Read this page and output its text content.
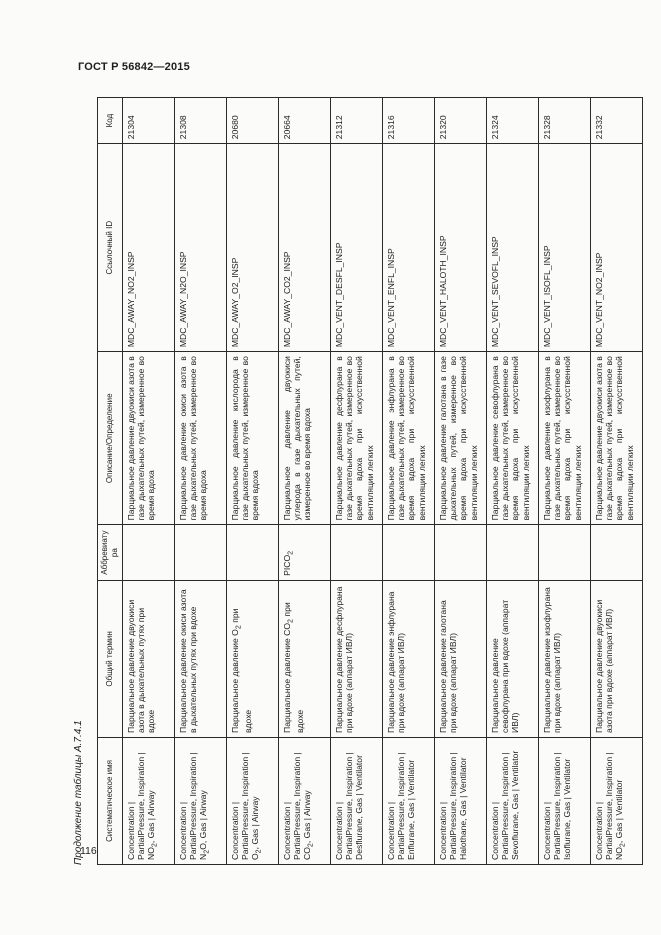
ГОСТ Р 56842—2015
Продолжение таблицы А.7.4.1	Систематическое имя	Общий термин	Аббревиатура	Описание/Определение	Ссылочный ID	Код
Concentration | PartialPressure, Inspiration | $NO_2$, Gas | Airway	Парциальное давление двуокиси азота в дыхательных путях при вдохе		Парциальное давление двуокиси азота в газе дыхательных путей, измеренное во время вдоха	MDC_AWAY_NO2_INSP	21304
Concentration | PartialPressure, Inspiration | $N_2O$, Gas | Airway	Парциальное давление окиси азота в дыхательных путях при вдохе		Парциальное давление окиси азота в газе дыхательных путей, измеренное во время вдоха	MDC_AWAY_N2O_INSP	21308
Concentration | PartialPressure, Inspiration | $O_2$, Gas | Airway	Парциальное давление $O_2$ при вдохе		Парциальное давление кислорода в газе дыхательных путей, измеренное во время вдоха	MDC_AWAY_O2_INSP	20680
Concentration | PartialPressure, Inspiration | $CO_2$, Gas | Airway	Парциальное давление $CO_2$ при вдохе	$PICO_2$	Парциальное давление двуокиси углерода в газе дыхательных путей, измеренное во время вдоха	MDC_AWAY_CO2_INSP	20664
Concentration | PartialPressure, Inspiration | Desflurane, Gas | Ventilator	Парциальное давление десфлурана при вдохе (аппарат ИВЛ)		Парциальное давление десфлурана в газе дыхательных путей, измеренное во время вдоха при искусственной вентиляции легких	MDC_VENT_DESFL_INSP	21312
Concentration | PartialPressure, Inspiration | Enflurane, Gas | Ventilator	Парциальное давление энфлурана при вдохе (аппарат ИВЛ)		Парциальное давление энфлурана в газе дыхательных путей, измеренное во время вдоха при искусственной вентиляции легких	MDC_VENT_ENFL_INSP	21316
Concentration | PartialPressure, Inspiration | Halothane, Gas | Ventilator	Парциальное давление галотана при вдохе (аппарат ИВЛ)		Парциальное давление галотана в газе дыхательных путей, измеренное во время вдоха при искусственной вентиляции легких	MDC_VENT_HALOTH_INSP	21320
Concentration | PartialPressure, Inspiration | Sevoflurane, Gas | Ventilator	Парциальное давление севофлурана при вдохе (аппарат ИВЛ)		Парциальное давление севофлурана в газе дыхательных путей, измеренное во время вдоха при искусственной вентиляции легких	MDC_VENT_SEVOFL_INSP	21324
Concentration | PartialPressure, Inspiration | Isoflurane, Gas | Ventilator	Парциальное давление изофлурана при вдохе (аппарат ИВЛ)		Парциальное давление изофлурана в газе дыхательных путей, измеренное во время вдоха при искусственной вентиляции легких	MDC_VENT_ISOFL_INSP	21328
Concentration | PartialPressure, Inspiration | $NO_2$, Gas | Ventilator	Парциальное давление двуокиси азота при вдохе (аппарат ИВЛ)		Парциальное давление двуокиси азота в газе дыхательных путей, измеренное во время вдоха при искусственной вентиляции легких	MDC_VENT_NO2_INSP	21332
116
